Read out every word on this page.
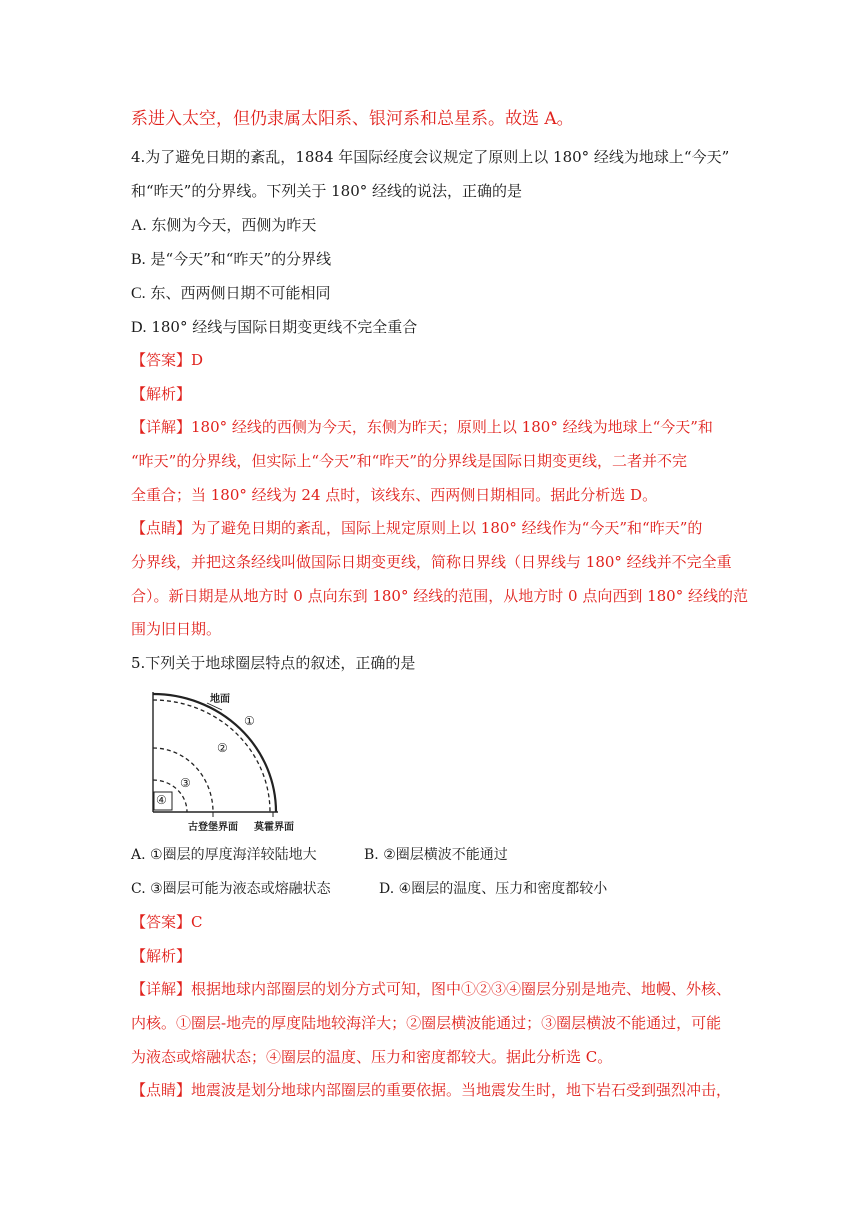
系进入太空，但仍隶属太阳系、银河系和总星系。故选 A。
4.为了避免日期的紊乱，1884 年国际经度会议规定了原则上以 180° 经线为地球上“今天”
和“昨天”的分界线。下列关于 180° 经线的说法，正确的是
A. 东侧为今天，西侧为昨天
B. 是“今天”和“昨天”的分界线
C. 东、西两侧日期不可能相同
D. 180° 经线与国际日期变更线不完全重合
【答案】D
【解析】
【详解】180° 经线的西侧为今天，东侧为昨天；原则上以 180° 经线为地球上“今天”和
“昨天”的分界线，但实际上“今天”和“昨天”的分界线是国际日期变更线，二者并不完
全重合；当 180° 经线为 24 点时，该线东、西两侧日期相同。据此分析选 D。
【点睛】为了避免日期的紊乱，国际上规定原则上以 180° 经线作为“今天”和“昨天”的
分界线，并把这条经线叫做国际日期变更线，简称日界线（日界线与 180° 经线并不完全重
合）。新日期是从地方时 0 点向东到 180° 经线的范围，从地方时 0 点向西到 180° 经线的范
围为旧日期。
5.下列关于地球圈层特点的叙述，正确的是
地面
①
②
③
④
古登堡界面 莫霍界面
A. ①圈层的厚度海洋较陆地大	B. ②圈层横波不能通过
C. ③圈层可能为液态或熔融状态	D. ④圈层的温度、压力和密度都较小
【答案】C
【解析】
【详解】根据地球内部圈层的划分方式可知，图中①②③④圈层分别是地壳、地幔、外核、
内核。①圈层-地壳的厚度陆地较海洋大；②圈层横波能通过；③圈层横波不能通过，可能
为液态或熔融状态；④圈层的温度、压力和密度都较大。据此分析选 C。
【点睛】地震波是划分地球内部圈层的重要依据。当地震发生时，地下岩石受到强烈冲击，
